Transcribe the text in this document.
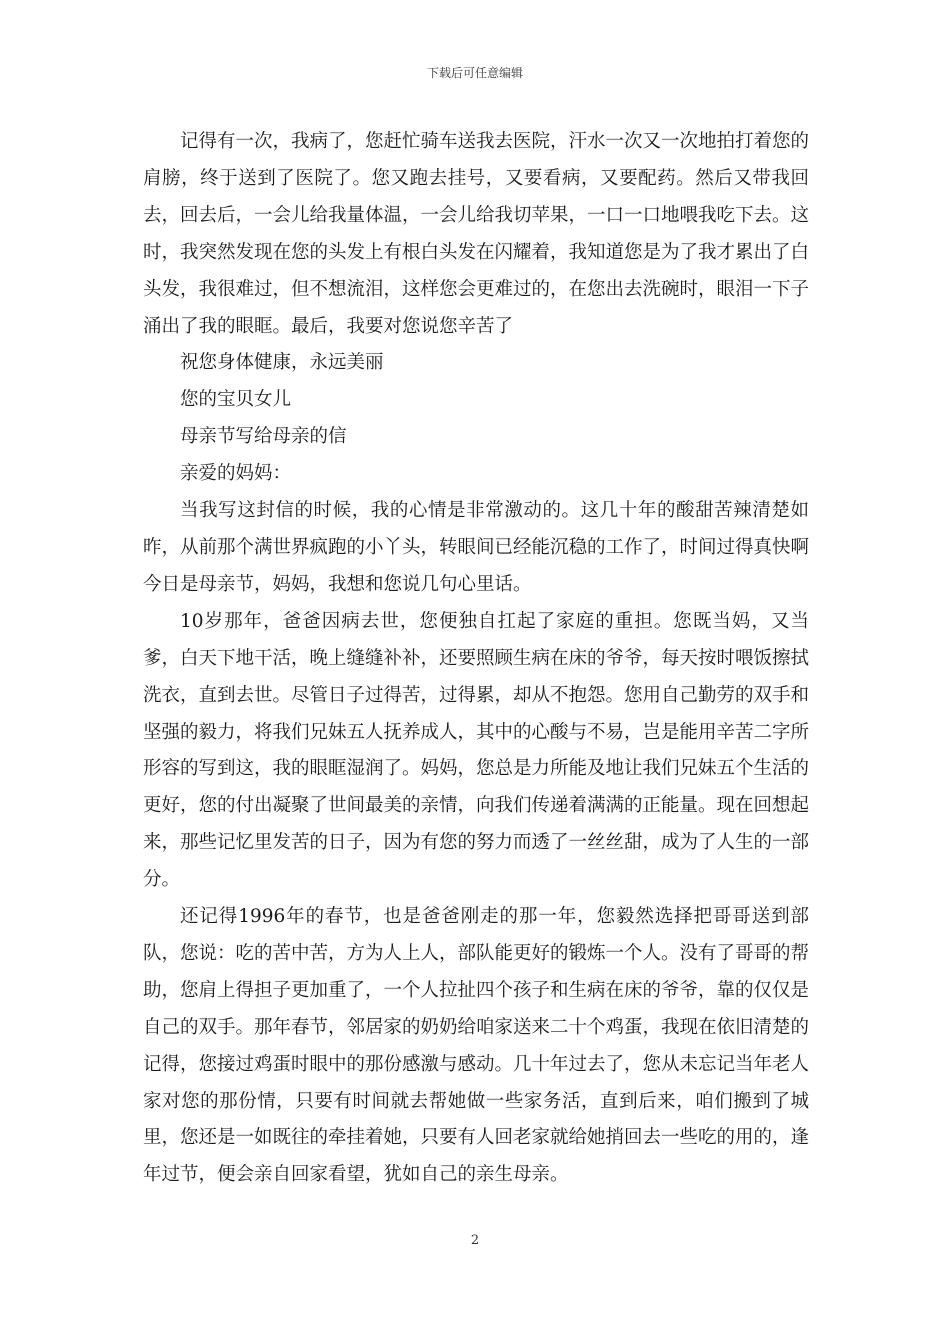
下载后可任意编辑

记得有一次，我病了，您赶忙骑车送我去医院，汗水一次又一次地拍打着您的肩膀，终于送到了医院了。您又跑去挂号，又要看病，又要配药。然后又带我回去，回去后，一会儿给我量体温，一会儿给我切苹果，一口一口地喂我吃下去。这时，我突然发现在您的头发上有根白头发在闪耀着，我知道您是为了我才累出了白头发，我很难过，但不想流泪，这样您会更难过的，在您出去洗碗时，眼泪一下子涌出了我的眼眶。最后，我要对您说您辛苦了

祝您身体健康，永远美丽

您的宝贝女儿

母亲节写给母亲的信

亲爱的妈妈：

当我写这封信的时候，我的心情是非常激动的。这几十年的酸甜苦辣清楚如昨，从前那个满世界疯跑的小丫头，转眼间已经能沉稳的工作了，时间过得真快啊今日是母亲节，妈妈，我想和您说几句心里话。

10岁那年，爸爸因病去世，您便独自扛起了家庭的重担。您既当妈，又当爹，白天下地干活，晚上缝缝补补，还要照顾生病在床的爷爷，每天按时喂饭擦拭洗衣，直到去世。尽管日子过得苦，过得累，却从不抱怨。您用自己勤劳的双手和坚强的毅力，将我们兄妹五人抚养成人，其中的心酸与不易，岂是能用辛苦二字所形容的写到这，我的眼眶湿润了。妈妈，您总是力所能及地让我们兄妹五个生活的更好，您的付出凝聚了世间最美的亲情，向我们传递着满满的正能量。现在回想起来，那些记忆里发苦的日子，因为有您的努力而透了一丝丝甜，成为了人生的一部分。

还记得1996年的春节，也是爸爸刚走的那一年，您毅然选择把哥哥送到部队，您说：吃的苦中苦，方为人上人，部队能更好的锻炼一个人。没有了哥哥的帮助，您肩上得担子更加重了，一个人拉扯四个孩子和生病在床的爷爷，靠的仅仅是自己的双手。那年春节，邻居家的奶奶给咱家送来二十个鸡蛋，我现在依旧清楚的记得，您接过鸡蛋时眼中的那份感激与感动。几十年过去了，您从未忘记当年老人家对您的那份情，只要有时间就去帮她做一些家务活，直到后来，咱们搬到了城里，您还是一如既往的牵挂着她，只要有人回老家就给她捎回去一些吃的用的，逢年过节，便会亲自回家看望，犹如自己的亲生母亲。

2
